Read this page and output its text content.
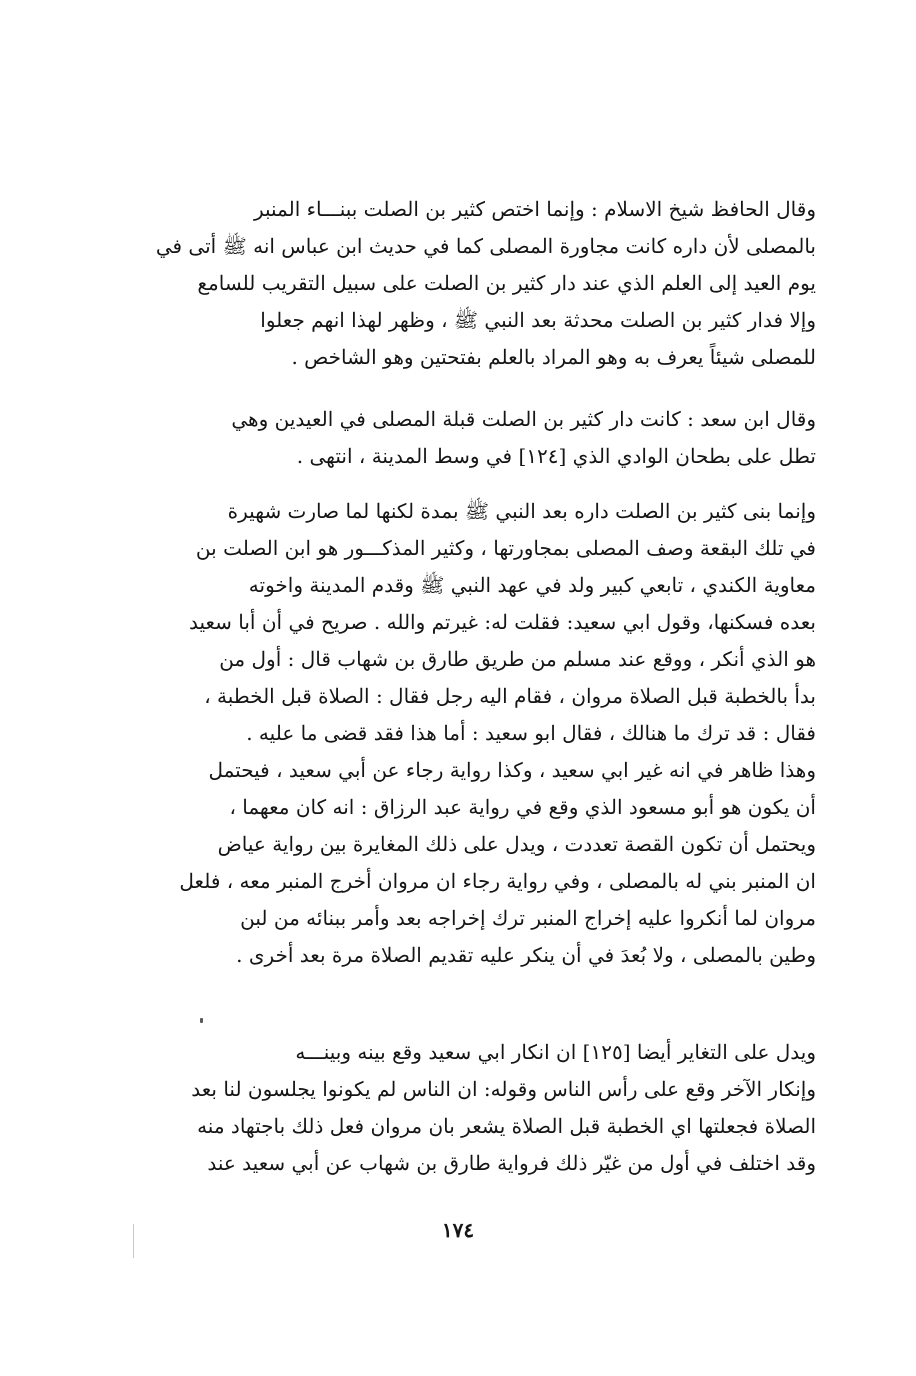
وقال الحافظ شيخ الاسلام : وإنما اختص كثير بن الصلت ببنـــاء المنبر
بالمصلى لأن داره كانت مجاورة المصلى كما في حديث ابن عباس انه ﷺ أتى في
يوم العيد إلى العلم الذي عند دار كثير بن الصلت على سبيل التقريب للسامع
وإلا فدار كثير بن الصلت محدثة بعد النبي ﷺ ، وظهر لهذا انهم جعلوا
للمصلى شيئاً يعرف به وهو المراد بالعلم بفتحتين وهو الشاخص .
وقال ابن سعد : كانت دار كثير بن الصلت قبلة المصلى في العيدين وهي
تطل على بطحان الوادي الذي [١٢٤] في وسط المدينة ، انتهى .
وإنما بنى كثير بن الصلت داره بعد النبي ﷺ بمدة لكنها لما صارت شهيرة
في تلك البقعة وصف المصلى بمجاورتها ، وكثير المذكـــور هو ابن الصلت بن
معاوية الكندي ، تابعي كبير ولد في عهد النبي ﷺ وقدم المدينة واخوته
بعده فسكنها، وقول ابي سعيد: فقلت له: غيرتم والله . صريح في أن أبا سعيد
هو الذي أنكر ، ووقع عند مسلم من طريق طارق بن شهاب قال : أول من
بدأ بالخطبة قبل الصلاة مروان ، فقام اليه رجل فقال : الصلاة قبل الخطبة ،
فقال : قد ترك ما هنالك ، فقال ابو سعيد : أما هذا فقد قضى ما عليه .
وهذا ظاهر في انه غير ابي سعيد ، وكذا رواية رجاء عن أبي سعيد ، فيحتمل
أن يكون هو أبو مسعود الذي وقع في رواية عبد الرزاق : انه كان معهما ،
ويحتمل أن تكون القصة تعددت ، ويدل على ذلك المغايرة بين رواية عياض
ان المنبر بني له بالمصلى ، وفي رواية رجاء ان مروان أخرج المنبر معه ، فلعل
مروان لما أنكروا عليه إخراج المنبر ترك إخراجه بعد وأمر ببنائه من لبن
وطين بالمصلى ، ولا بُعدَ في أن ينكر عليه تقديم الصلاة مرة بعد أخرى .
ويدل على التغاير أيضا [١٢٥] ان انكار ابي سعيد وقع بينه وبينـــه
وإنكار الآخر وقع على رأس الناس وقوله: ان الناس لم يكونوا يجلسون لنا بعد
الصلاة فجعلتها اي الخطبة قبل الصلاة يشعر بان مروان فعل ذلك باجتهاد منه
وقد اختلف في أول من غيّر ذلك فرواية طارق بن شهاب عن أبي سعيد عند
١٧٤
